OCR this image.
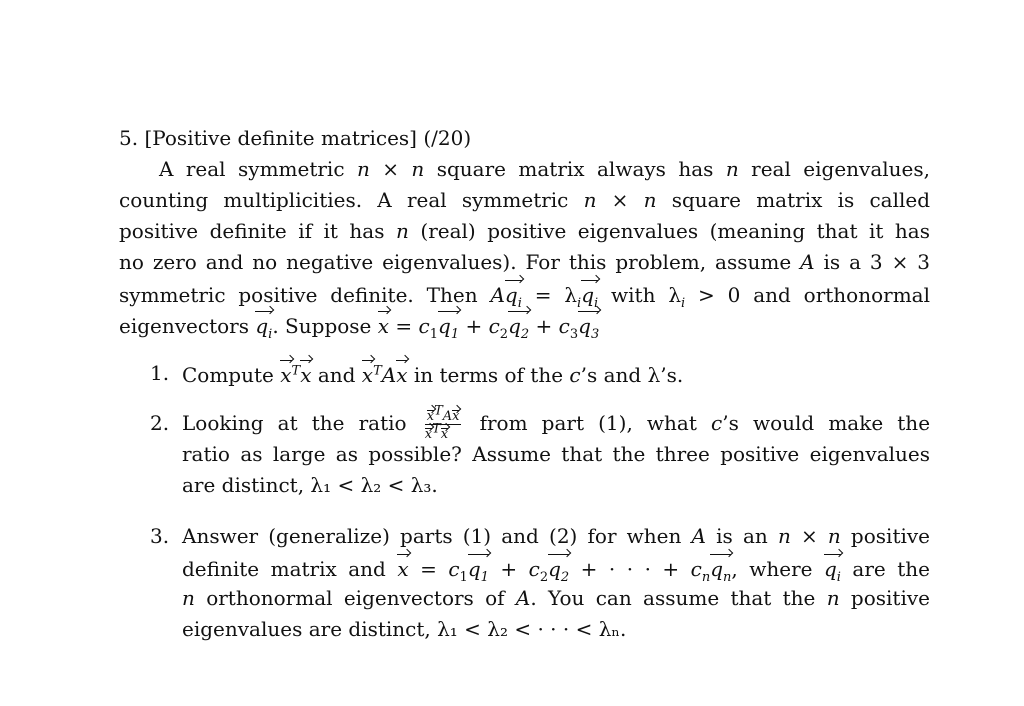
5. [Positive definite matrices] (/20)
A real symmetric n × n square matrix always has n real eigenvalues,
counting multiplicities. A real symmetric n × n square matrix is called
positive definite if it has n (real) positive eigenvalues (meaning that it has
no zero and no negative eigenvalues). For this problem, assume A is a 3 × 3
symmetric positive definite. Then $Aq_i = \lambda_iq_i$ with $\lambda_i > 0$ and orthonormal
eigenvectors $q_i$. Suppose $x = c_1q_1 + c_2q_2 + c_3q_3$
1. Compute $x^Tx$ and $x^TAx$ in terms of the c’s and λ’s.
2. Looking at the ratio $\frac{x^TAx}{x^Tx}$ from part (1), what c’s would make the
ratio as large as possible? Assume that the three positive eigenvalues
are distinct, λ₁ < λ₂ < λ₃.
3. Answer (generalize) parts (1) and (2) for when A is an n × n positive
definite matrix and $x = c_1q_1 + c_2q_2$ + · · · + $c_nq_n$, where $q_i$ are the
n orthonormal eigenvectors of A. You can assume that the n positive
eigenvalues are distinct, λ₁ < λ₂ < · · · < λₙ.
